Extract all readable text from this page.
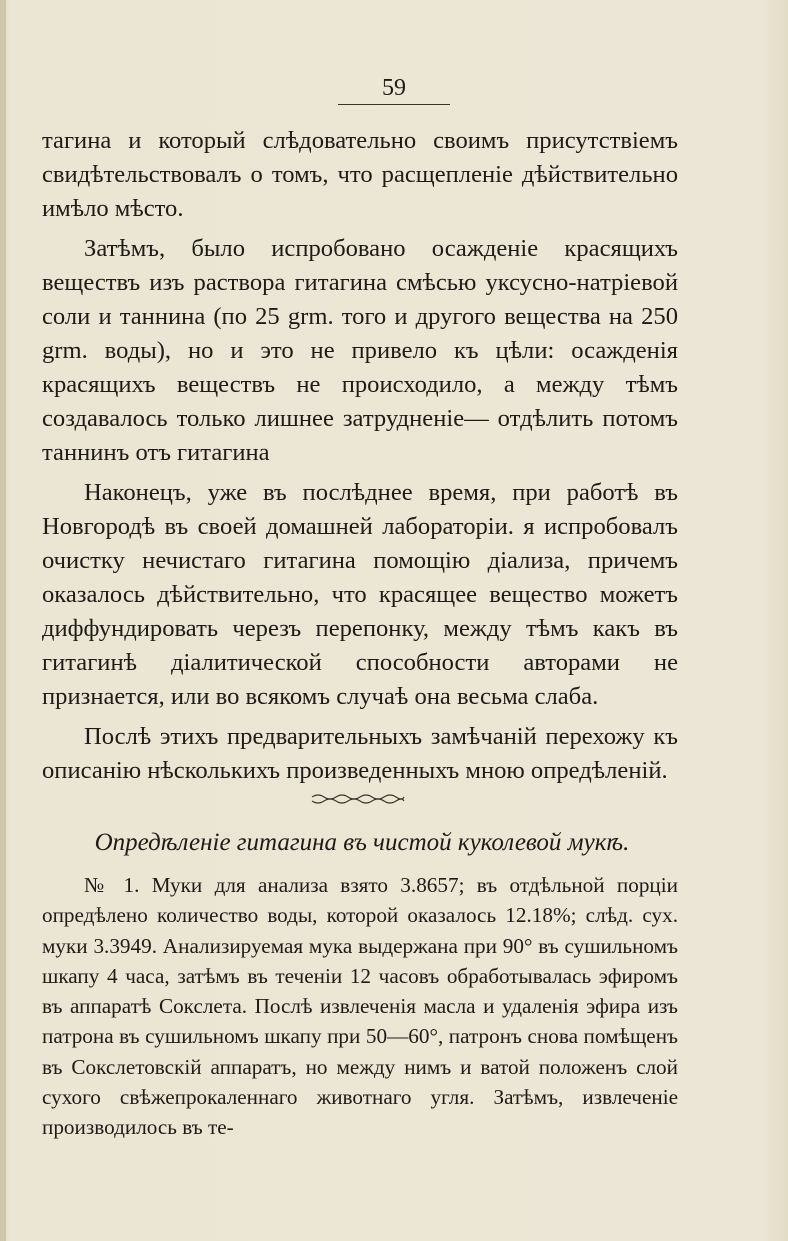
59

тагина и который слѣдовательно своимъ присутствіемъ свидѣтельствовалъ о томъ, что расщепленіе дѣйствительно имѣло мѣсто.

Затѣмъ, было испробовано осажденіе красящихъ веществъ изъ раствора гитагина смѣсью уксусно-натріевой соли и таннина (по 25 grm. того и другого вещества на 250 grm. воды), но и это не привело къ цѣли: осажденія красящихъ веществъ не происходило, а между тѣмъ создавалось только лишнее затрудненіе— отдѣлить потомъ таннинъ отъ гитагина

Наконецъ, уже въ послѣднее время, при работѣ въ Новгородѣ въ своей домашней лабораторіи. я испробовалъ очистку нечистаго гитагина помощію діализа, причемъ оказалось дѣйствительно, что красящее вещество можетъ диффундировать черезъ перепонку, между тѣмъ какъ въ гитагинѣ діалитической способности авторами не признается, или во всякомъ случаѣ она весьма слаба.

Послѣ этихъ предварительныхъ замѣчаній перехожу къ описанію нѣсколькихъ произведенныхъ мною опредѣленій.

Опредѣленіе гитагина въ чистой куколевой мукѣ.

№ 1. Муки для анализа взято 3.8657; въ отдѣльной порціи опредѣлено количество воды, которой оказалось 12.18%; слѣд. сух. муки 3.3949. Анализируемая мука выдержана при 90° въ сушильномъ шкапу 4 часа, затѣмъ въ теченіи 12 часовъ обработывалась эфиромъ въ аппаратѣ Сокслета. Послѣ извлеченія масла и удаленія эфира изъ патрона въ сушильномъ шкапу при 50—60°, патронъ снова помѣщенъ въ Сокслетовскій аппаратъ, но между нимъ и ватой положенъ слой сухого свѣжепрокаленнаго животнаго угля. Затѣмъ, извлеченіе производилось въ те-
